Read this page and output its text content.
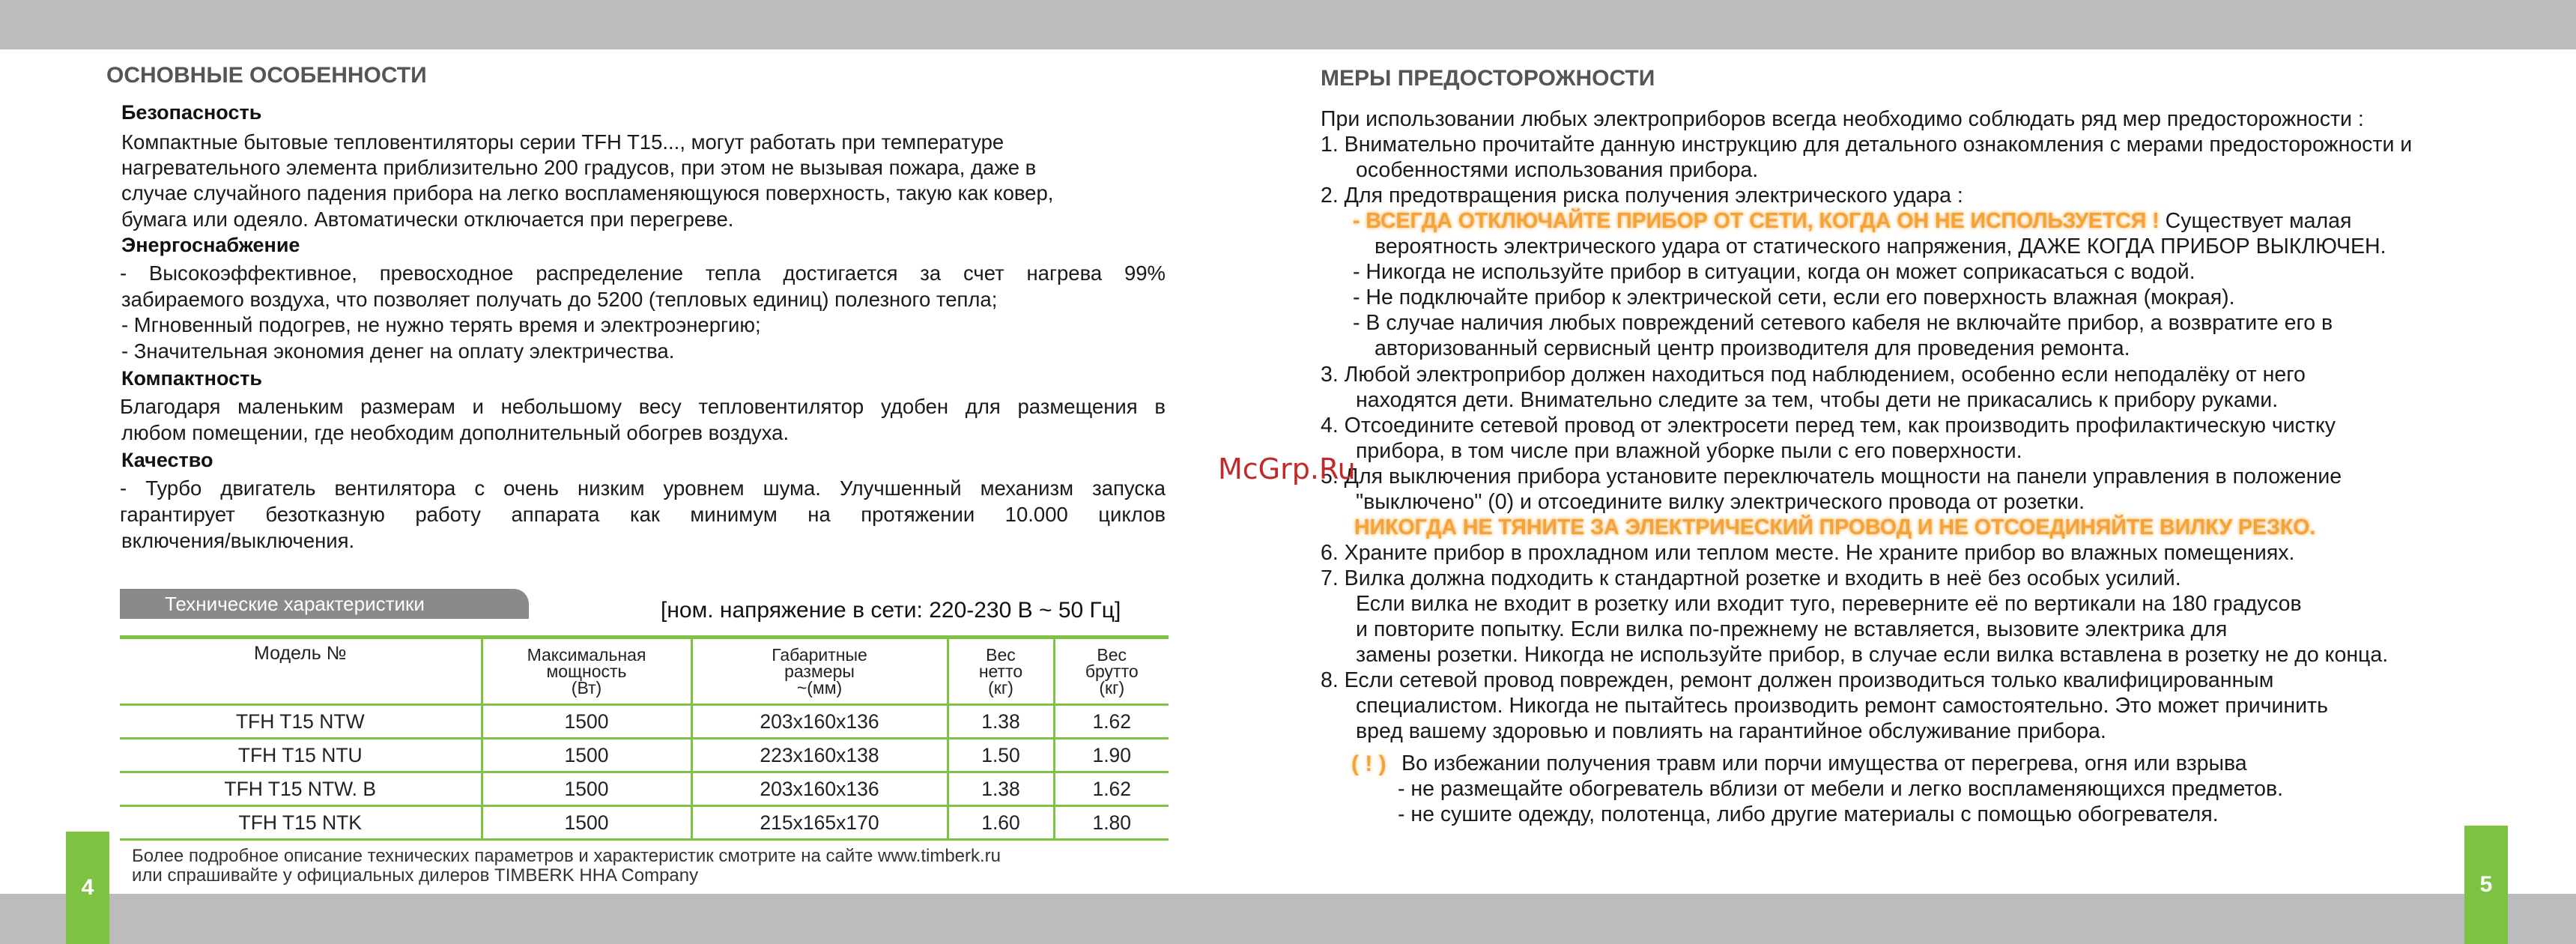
ОСНОВНЫЕ ОСОБЕННОСТИ
Безопасность
Компактные бытовые тепловентиляторы серии TFH T15..., могут работать при температуре
нагревательного элемента приблизительно 200 градусов, при этом не вызывая пожара, даже в
случае случайного падения прибора на легко воспламеняющуюся поверхность, такую как ковер,
бумага или одеяло. Автоматически отключается при перегреве.
Энергоснабжение
- Высокоэффективное, превосходное распределение тепла достигается за счет нагрева 99%
забираемого воздуха, что позволяет получать до 5200 (тепловых единиц) полезного тепла;
- Мгновенный подогрев, не нужно терять время и электроэнергию;
- Значительная экономия денег на оплату электричества.
Компактность
Благодаря маленьким размерам и небольшому весу тепловентилятор удобен для размещения в
любом помещении, где необходим дополнительный обогрев воздуха.
Качество
- Турбо двигатель вентилятора с очень низким уровнем шума. Улучшенный механизм запуска
гарантирует безотказную работу аппарата как минимум на протяжении 10.000 циклов
включения/выключения.
Технические характеристики	[ном. напряжение в сети: 220-230 В ~ 50 Гц]
Модель №	Максимальная
мощность
(Вт)	Габаритные
размеры
~(мм)	Вес
нетто
(кг)	Вес
брутто
(кг)
TFH T15 NTW	1500	203х160х136	1.38	1.62
TFH T15 NTU	1500	223х160х138	1.50	1.90
TFH T15 NTW. B	1500	203х160х136	1.38	1.62
TFH T15 NTK	1500	215х165х170	1.60	1.80
Более подробное описание технических параметров и характеристик смотрите на сайте www.timberk.ru
или спрашивайте у официальных дилеров TIMBERK HHA Company
4
МЕРЫ ПРЕДОСТОРОЖНОСТИ
При использовании любых электроприборов всегда необходимо соблюдать ряд мер предосторожности :
1. Внимательно прочитайте данную инструкцию для детального ознакомления с мерами предосторожности и
особенностями использования прибора.
2. Для предотвращения риска получения электрического удара :
- ВСЕГДА ОТКЛЮЧАЙТЕ ПРИБОР ОТ СЕТИ, КОГДА ОН НЕ ИСПОЛЬЗУЕТСЯ ! Существует малая
вероятность электрического удара от статического напряжения, ДАЖЕ КОГДА ПРИБОР ВЫКЛЮЧЕН.
- Никогда не используйте прибор в ситуации, когда он может соприкасаться с водой.
- Не подключайте прибор к электрической сети, если его поверхность влажная (мокрая).
- В случае наличия любых повреждений сетевого кабеля не включайте прибор, а возвратите его в
авторизованный сервисный центр производителя для проведения ремонта.
3. Любой электроприбор должен находиться под наблюдением, особенно если неподалёку от него
находятся дети. Внимательно следите за тем, чтобы дети не прикасались к прибору руками.
4. Отсоедините сетевой провод от электросети перед тем, как производить профилактическую чистку
прибора, в том числе при влажной уборке пыли с его поверхности.
5. Для выключения прибора установите переключатель мощности на панели управления в положение
"выключено" (0) и отсоедините вилку электрического провода от розетки.
НИКОГДА НЕ ТЯНИТЕ ЗА ЭЛЕКТРИЧЕСКИЙ ПРОВОД И НЕ ОТСОЕДИНЯЙТЕ ВИЛКУ РЕЗКО.
6. Храните прибор в прохладном или теплом месте. Не храните прибор во влажных помещениях.
7. Вилка должна подходить к стандартной розетке и входить в неё без особых усилий.
Если вилка не входит в розетку или входит туго, переверните её по вертикали на 180 градусов
и повторите попытку. Если вилка по-прежнему не вставляется, вызовите электрика для
замены розетки. Никогда не используйте прибор, в случае если вилка вставлена в розетку не до конца.
8. Если сетевой провод поврежден, ремонт должен производиться только квалифицированным
специалистом. Никогда не пытайтесь производить ремонт самостоятельно. Это может причинить
вред вашему здоровью и повлиять на гарантийное обслуживание прибора.
( ! ) Во избежании получения травм или порчи имущества от перегрева, огня или взрыва
- не размещайте обогреватель вблизи от мебели и легко воспламеняющихся предметов.
- не сушите одежду, полотенца, либо другие материалы с помощью обогревателя.
5
McGrp.Ru
